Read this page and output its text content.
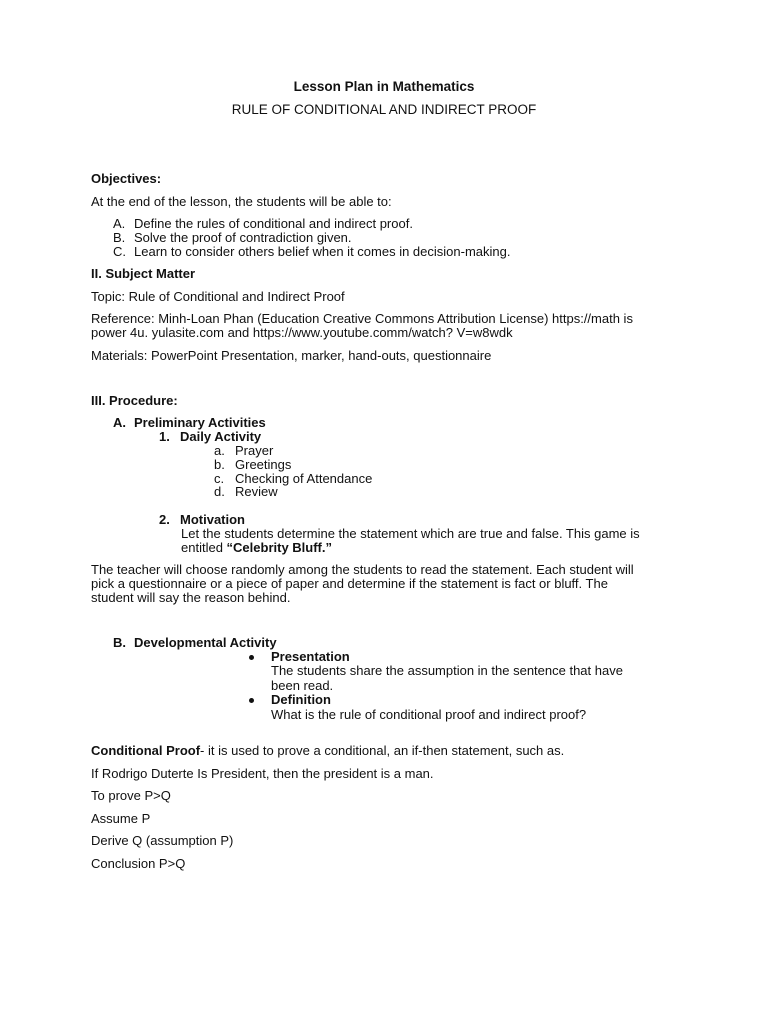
Lesson Plan in Mathematics
RULE OF CONDITIONAL AND INDIRECT PROOF
Objectives:
At the end of the lesson, the students will be able to:
A. Define the rules of conditional and indirect proof.
B. Solve the proof of contradiction given.
C. Learn to consider others belief when it comes in decision-making.
II. Subject Matter
Topic: Rule of Conditional and Indirect Proof
Reference: Minh-Loan Phan (Education Creative Commons Attribution License) https://math is
power 4u. yulasite.com and https://www.youtube.comm/watch? V=w8wdk
Materials: PowerPoint Presentation, marker, hand-outs, questionnaire
III. Procedure:
A. Preliminary Activities
1. Daily Activity
a. Prayer
b. Greetings
c. Checking of Attendance
d. Review
2. Motivation
Let the students determine the statement which are true and false. This game is
entitled “Celebrity Bluff.”
The teacher will choose randomly among the students to read the statement. Each student will
pick a questionnaire or a piece of paper and determine if the statement is fact or bluff. The
student will say the reason behind.
B. Developmental Activity
Presentation
The students share the assumption in the sentence that have
been read.
Definition
What is the rule of conditional proof and indirect proof?
Conditional Proof- it is used to prove a conditional, an if-then statement, such as.
If Rodrigo Duterte Is President, then the president is a man.
To prove P>Q
Assume P
Derive Q (assumption P)
Conclusion P>Q
